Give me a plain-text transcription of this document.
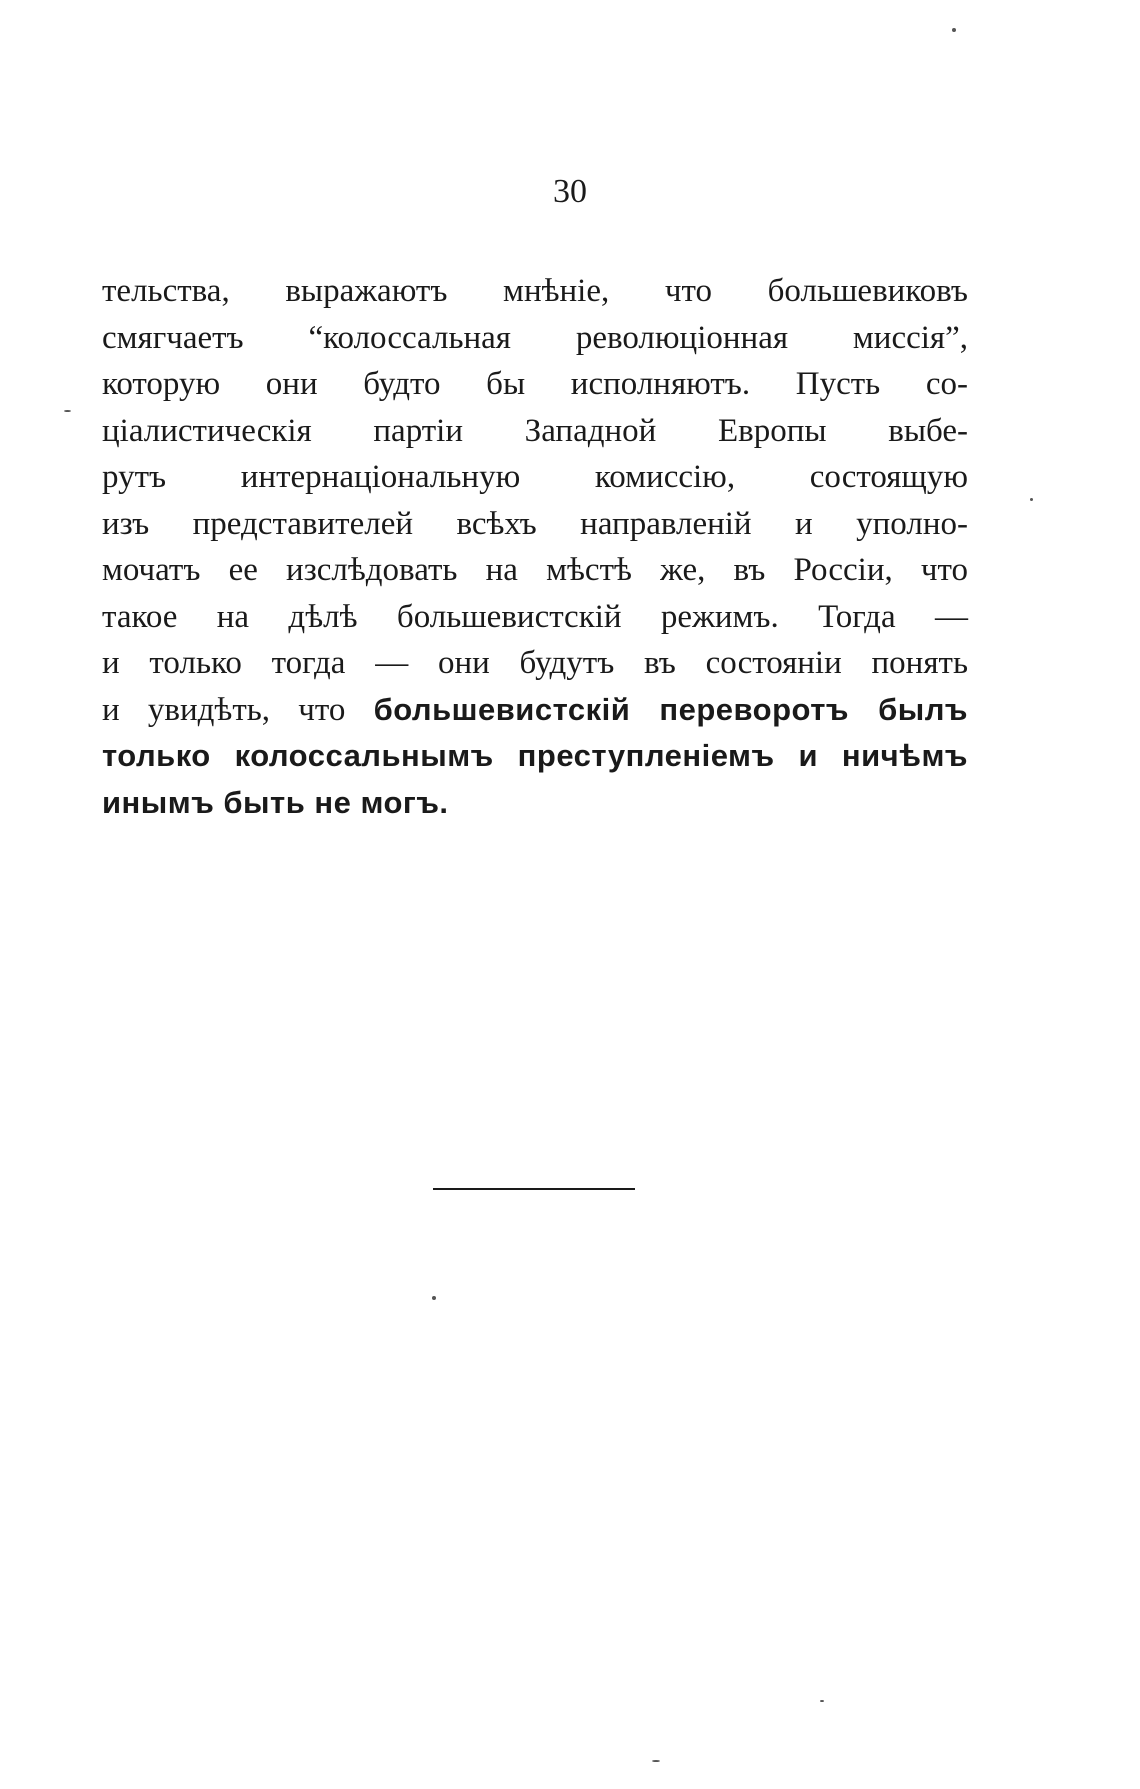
30
тельства, выражаютъ мнѣніе, что большевиковъ
смягчаетъ “колоссальная революціонная миссія”,
которую они будто бы исполняютъ. Пусть со-
ціалистическія партіи Западной Европы выбе-
рутъ интернаціональную комиссію, состоящую
изъ представителей всѣхъ направленій и уполно-
мочатъ ее изслѣдовать на мѣстѣ же, въ Россіи, что
такое на дѣлѣ большевистскій режимъ. Тогда —
и только тогда — они будутъ въ состояніи понять
и увидѣть, что большевистскій переворотъ былъ
только колоссальнымъ преступленіемъ и ничѣмъ
инымъ быть не могъ.
